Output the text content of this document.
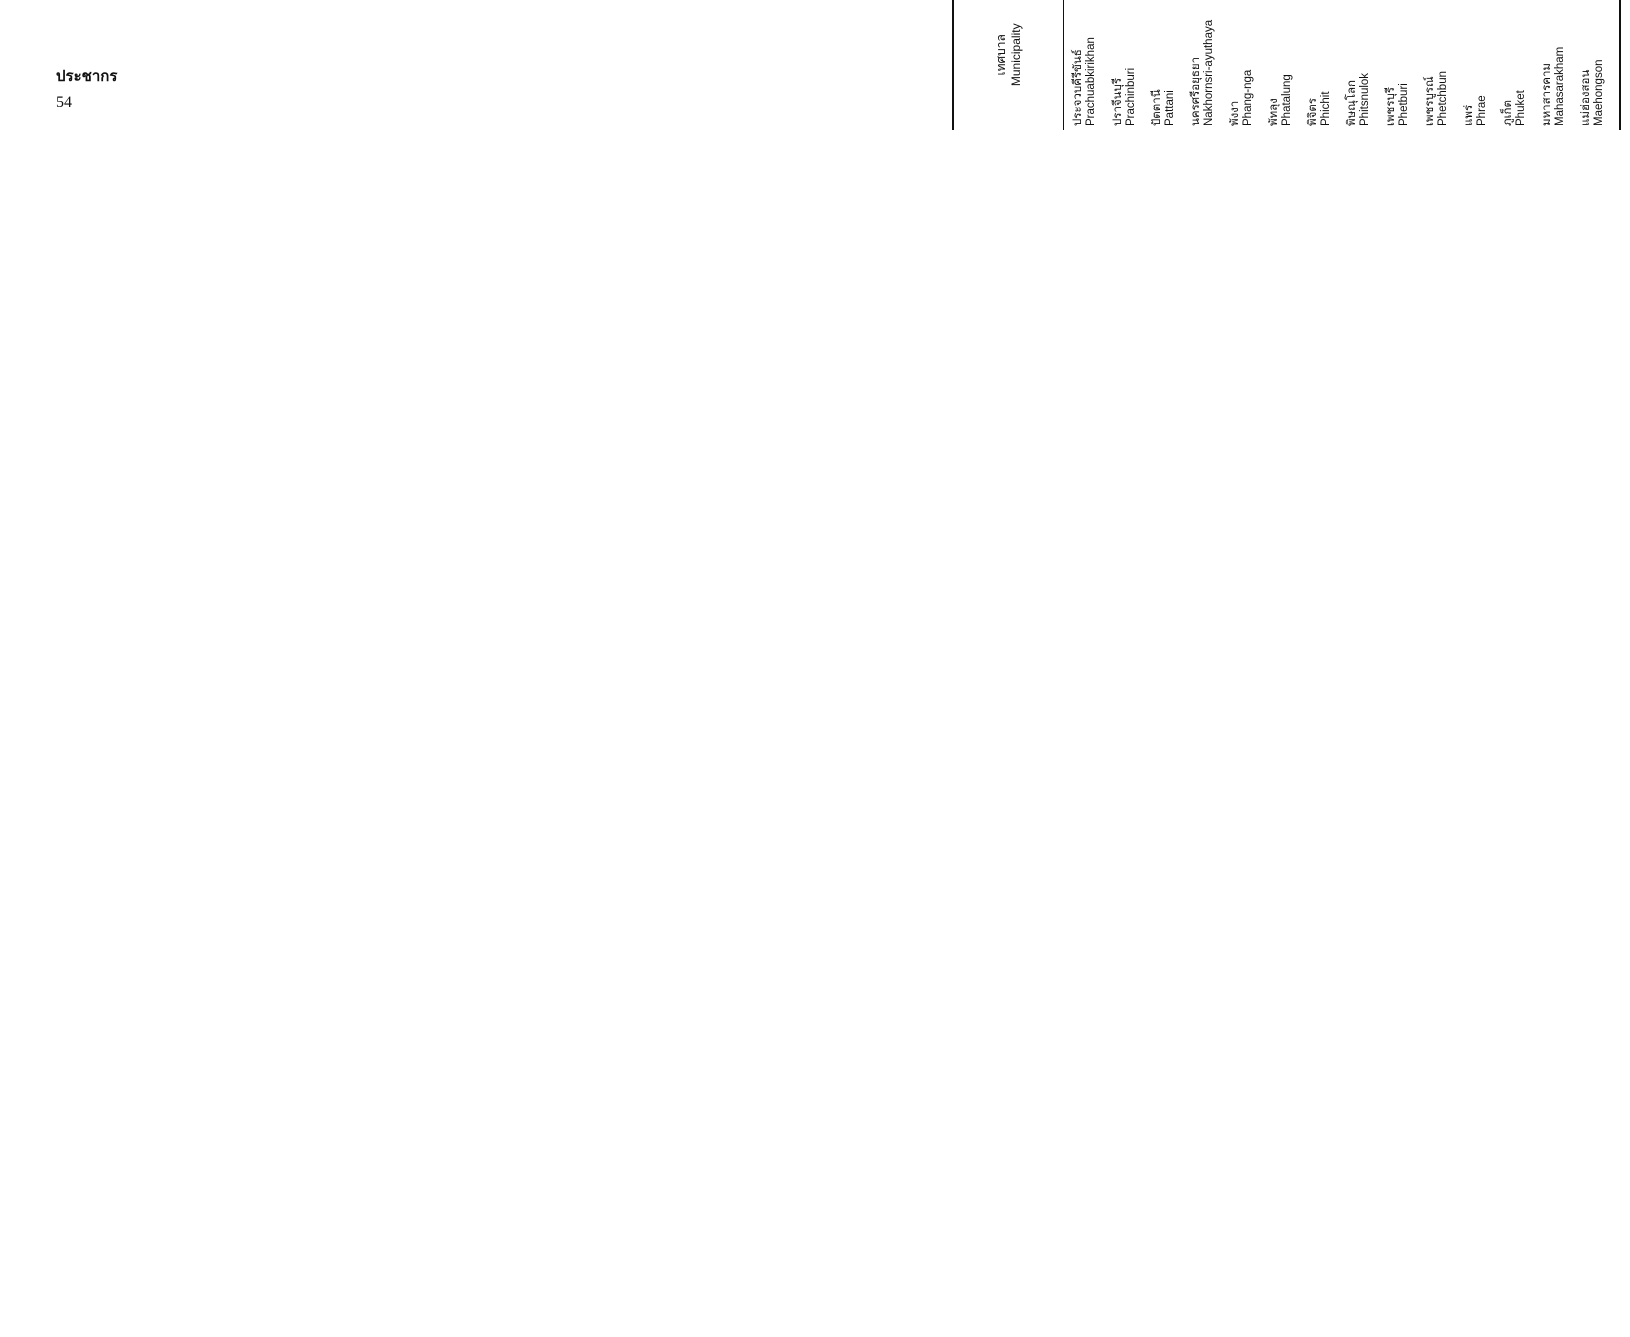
ประชากร
54
เทศบาล Municipality

ประจวบคีรีขันธ์ Prachuabkirikhan

ปราจีนบุรี Prachinburi

ปัตตานี Pattani

นครศรีอยุธยา Nakhornsri-ayuthaya

พังงา Phang-nga

พัทลุง Phatalung

พิจิตร Phichit

พิษณุโลก Phitsnulok

เพชรบุรี Phetburi

เพชรบูรณ์ Phetchbun

แพร่ Phrae

ภูเก็ต Phuket

มหาสารคาม Mahasarakham

แม่ฮ่องสอน Maehongson
